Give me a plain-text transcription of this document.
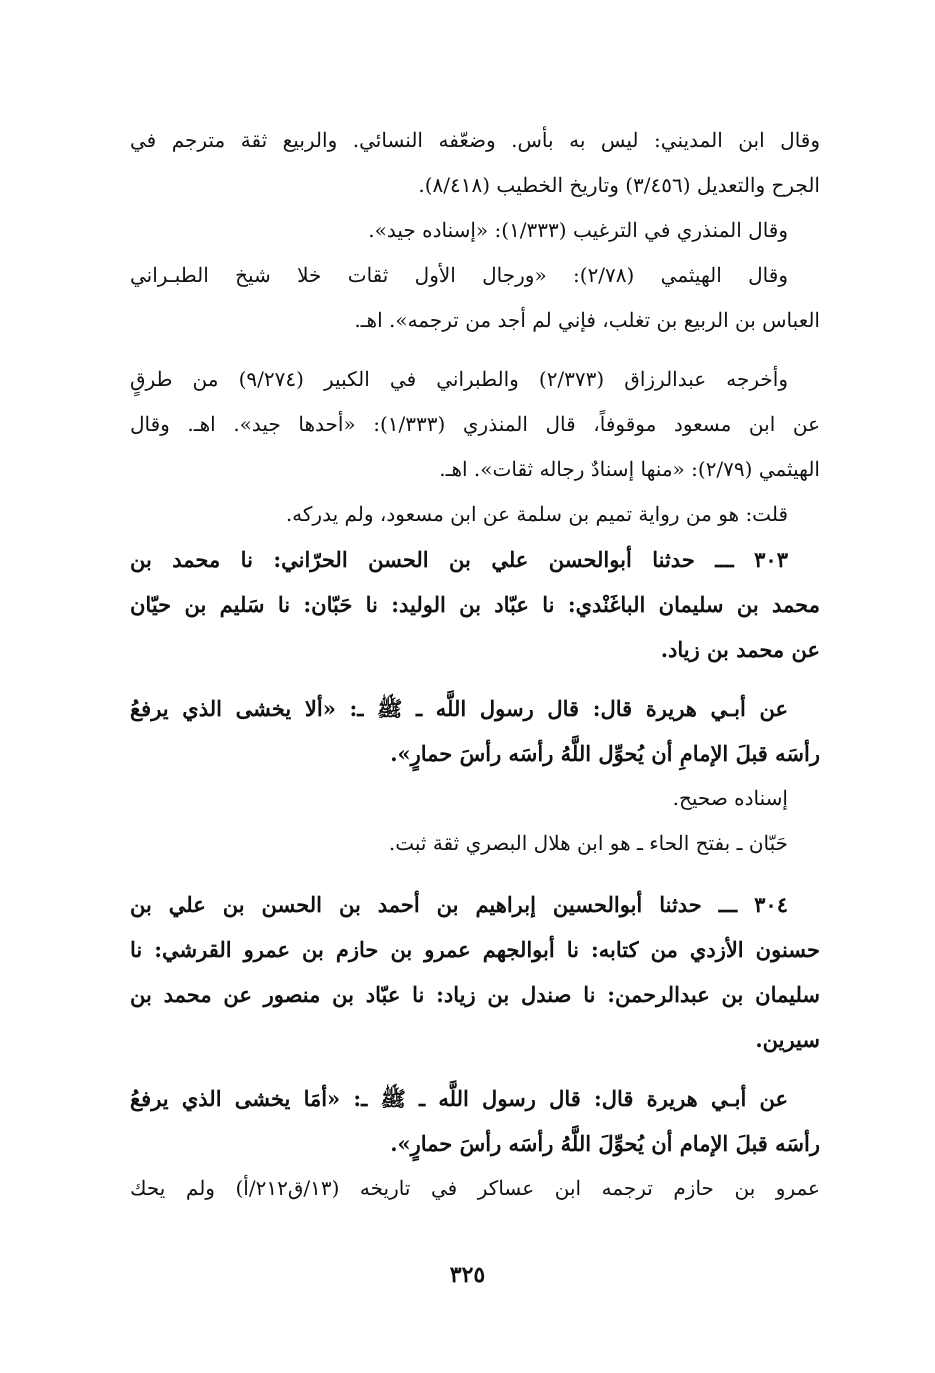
وقال ابن المديني: ليس به بأس. وضعّفه النسائي. والربيع ثقة مترجم في
الجرح والتعديل (٣/٤٥٦) وتاريخ الخطيب (٨/٤١٨).
وقال المنذري في الترغيب (١/٣٣٣): «إسناده جيد».
وقال الهيثمي (٢/٧٨): «ورجال الأول ثقات خلا شيخ الطبـراني
العباس بن الربيع بن تغلب، فإني لم أجد من ترجمه». اهـ.
وأخرجه عبدالرزاق (٢/٣٧٣) والطبراني في الكبير (٩/٢٧٤) من طرقٍ
عن ابن مسعود موقوفاً، قال المنذري (١/٣٣٣): «أحدها جيد». اهـ. وقال
الهيثمي (٢/٧٩): «منها إسنادٌ رجاله ثقات». اهـ.
قلت: هو من رواية تميم بن سلمة عن ابن مسعود، ولم يدركه.
٣٠٣ ـــ حدثنا أبوالحسن علي بن الحسن الحرّاني: نا محمد بن
محمد بن سليمان الباغَنْدي: نا عبّاد بن الوليد: نا حَبّان: نا سَليم بن حيّان
عن محمد بن زياد.
عن أبـي هريرة قال: قال رسول اللَّه ـ ﷺ ـ: «ألا يخشى الذي يرفعُ
رأسَه قبلَ الإمامِ أن يُحوِّل اللَّهُ رأسَه رأسَ حمارٍ».
إسناده صحيح.
حَبّان ـ بفتح الحاء ـ هو ابن هلال البصري ثقة ثبت.
٣٠٤ ـــ حدثنا أبوالحسين إبراهيم بن أحمد بن الحسن بن علي بن
حسنون الأزدي من كتابه: نا أبوالجهم عمرو بن حازم بن عمرو القرشي: نا
سليمان بن عبدالرحمن: نا صندل بن زياد: نا عبّاد بن منصور عن محمد بن
سيرين.
عن أبـي هريرة قال: قال رسول اللَّه ـ ﷺ ـ: «أمَا يخشى الذي يرفعُ
رأسَه قبلَ الإمام أن يُحوِّلَ اللَّهُ رأسَه رأسَ حمارٍ».
عمرو بن حازم ترجمه ابن عساكر في تاريخه (١٣/ق٢١٢/أ) ولم يحك
٣٢٥
